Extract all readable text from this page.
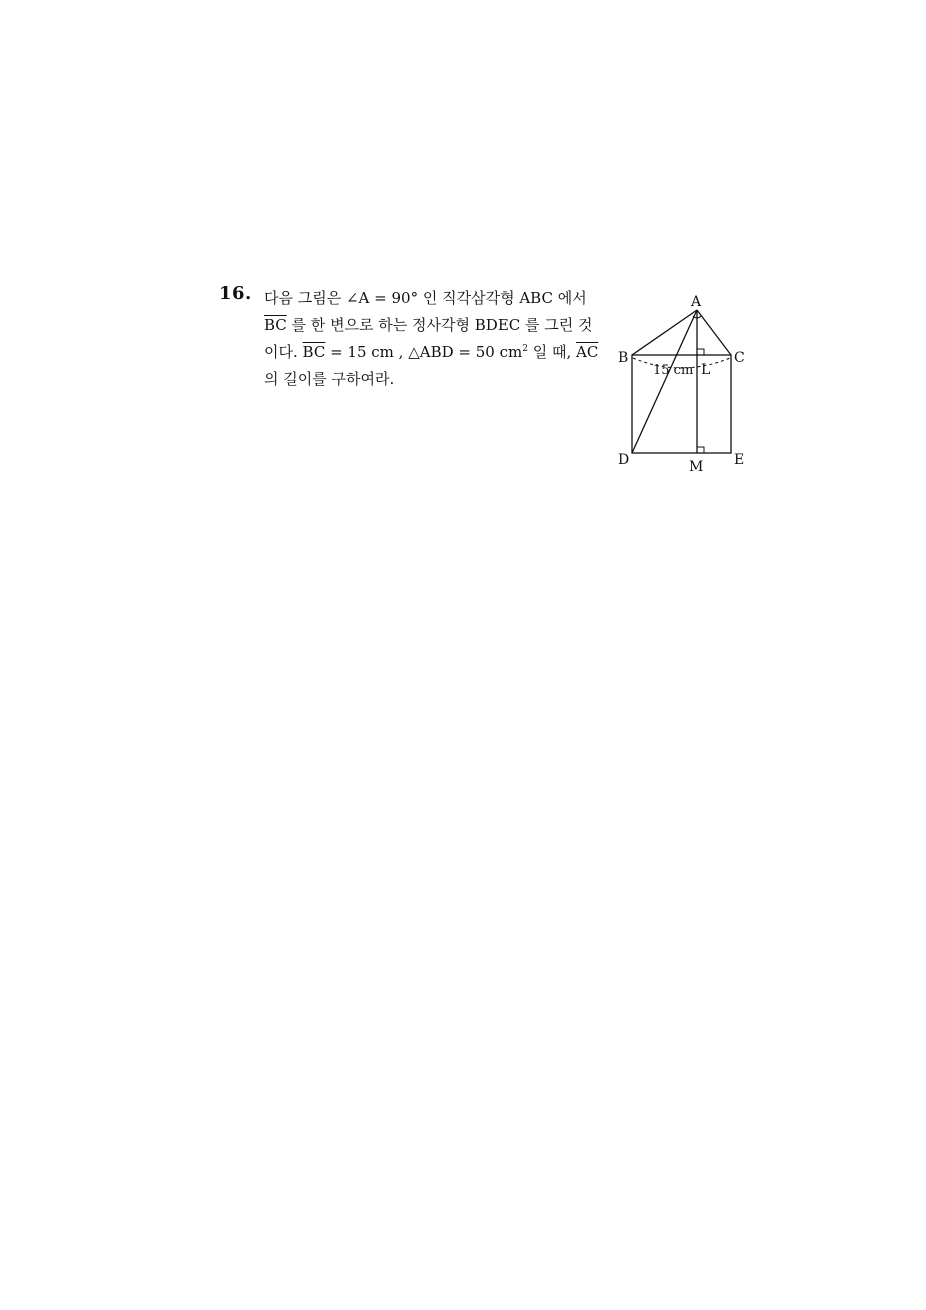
16. 다음 그림은 ∠A = 90° 인 직각삼각형 ABC 에서
$\overline{BC}$ 를 한 변으로 하는 정사각형 BDEC 를 그린 것
이다. $\overline{BC} = 15$ cm , △ABD = 50 $cm^2$ 일 때, $\overline{AC}$
의 길이를 구하여라.
A
B	C
D	E
M
L
15 cm
